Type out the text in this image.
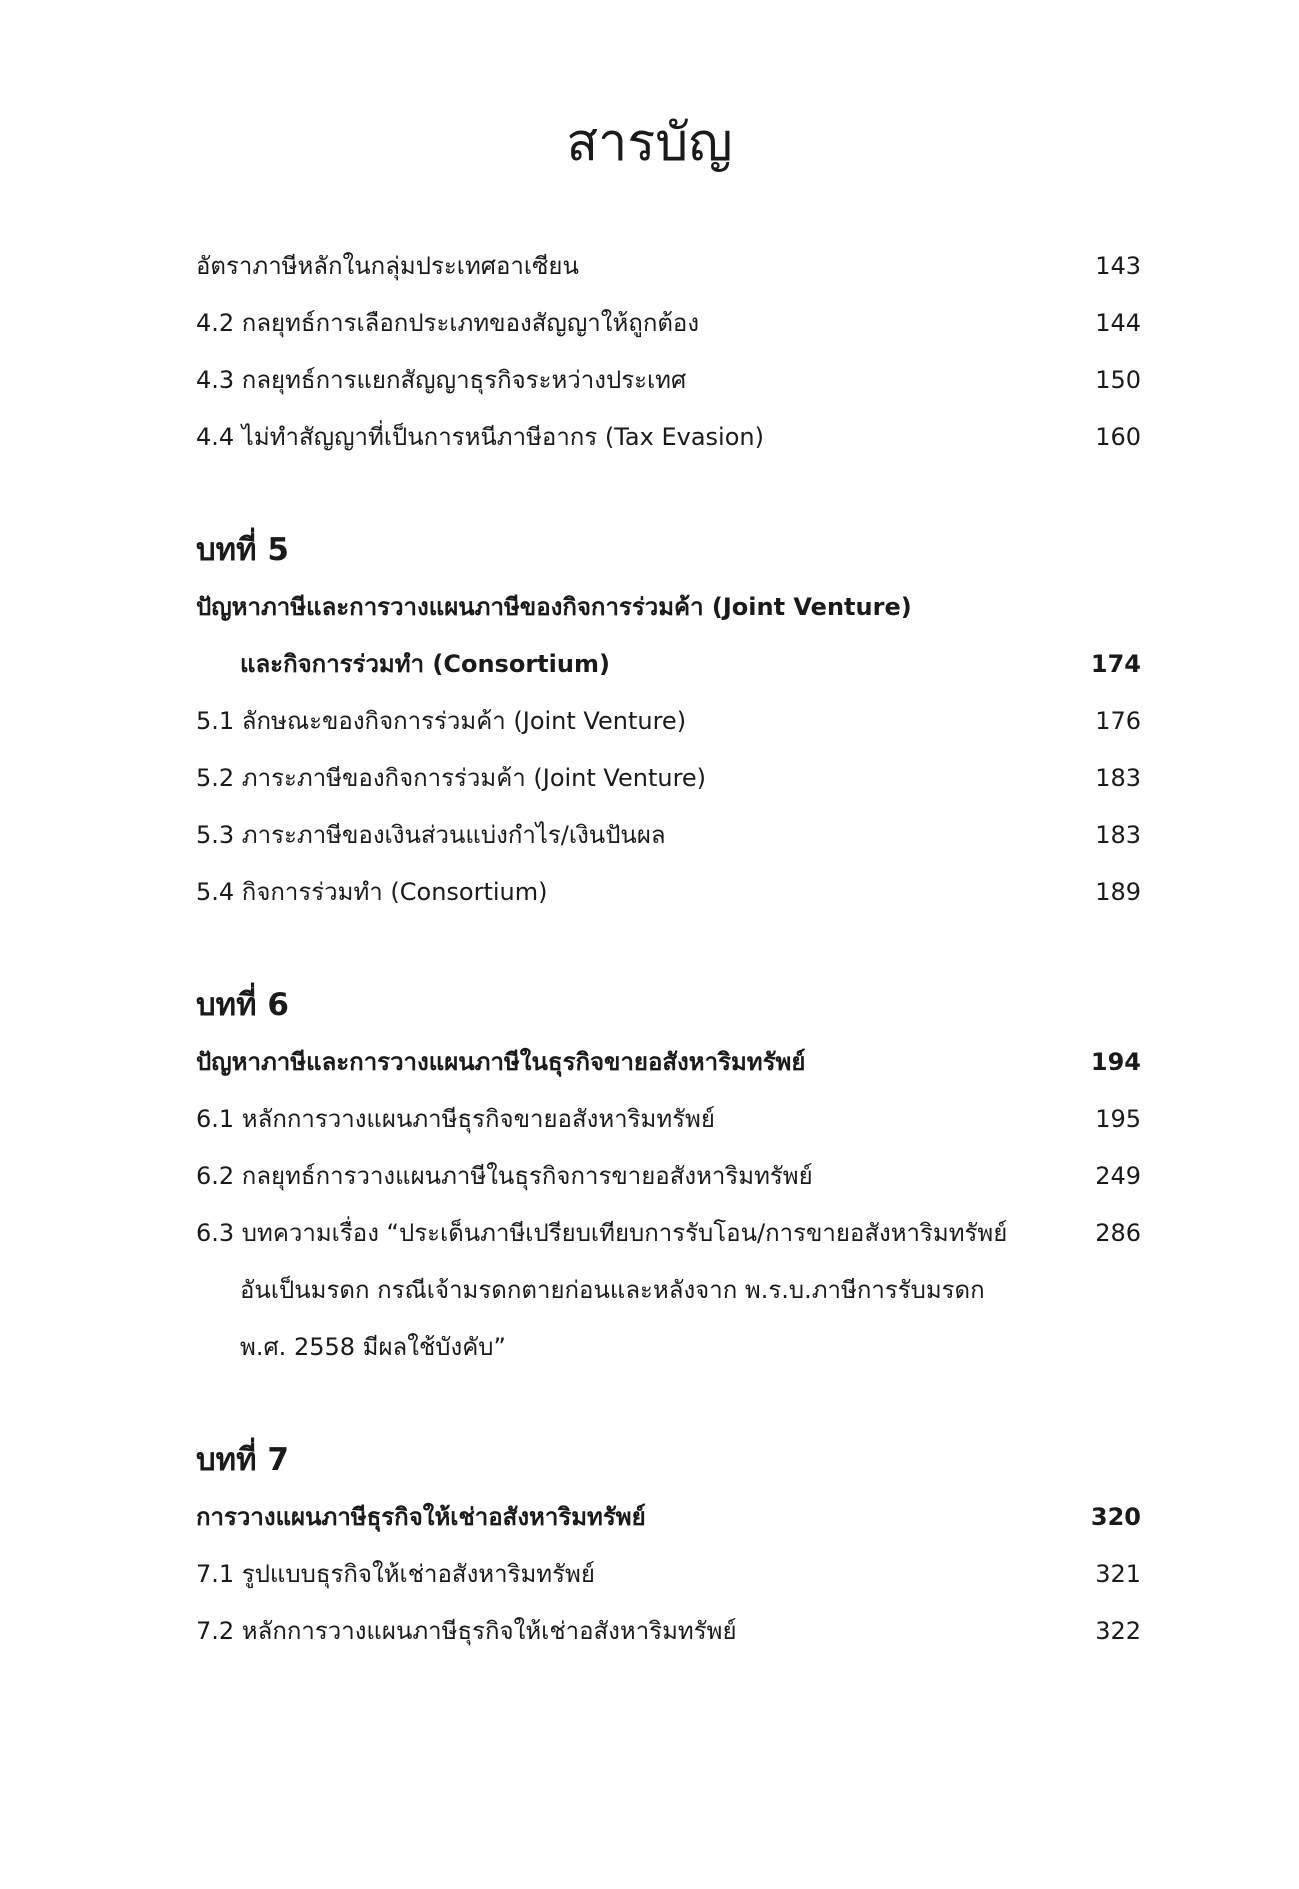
สารบัญ
อัตราภาษีหลักในกลุ่มประเทศอาเซียน	143
4.2 กลยุทธ์การเลือกประเภทของสัญญาให้ถูกต้อง	144
4.3 กลยุทธ์การแยกสัญญาธุรกิจระหว่างประเทศ	150
4.4 ไม่ทำสัญญาที่เป็นการหนีภาษีอากร (Tax Evasion)	160
บทที่ 5
ปัญหาภาษีและการวางแผนภาษีของกิจการร่วมค้า (Joint Venture)
และกิจการร่วมทำ (Consortium)	174
5.1 ลักษณะของกิจการร่วมค้า (Joint Venture)	176
5.2 ภาระภาษีของกิจการร่วมค้า (Joint Venture)	183
5.3 ภาระภาษีของเงินส่วนแบ่งกำไร/เงินปันผล	183
5.4 กิจการร่วมทำ (Consortium)	189
บทที่ 6
ปัญหาภาษีและการวางแผนภาษีในธุรกิจขายอสังหาริมทรัพย์	194
6.1 หลักการวางแผนภาษีธุรกิจขายอสังหาริมทรัพย์	195
6.2 กลยุทธ์การวางแผนภาษีในธุรกิจการขายอสังหาริมทรัพย์	249
6.3 บทความเรื่อง “ประเด็นภาษีเปรียบเทียบการรับโอน/การขายอสังหาริมทรัพย์	286
อันเป็นมรดก กรณีเจ้ามรดกตายก่อนและหลังจาก พ.ร.บ.ภาษีการรับมรดก
พ.ศ. 2558 มีผลใช้บังคับ”
บทที่ 7
การวางแผนภาษีธุรกิจให้เช่าอสังหาริมทรัพย์	320
7.1 รูปแบบธุรกิจให้เช่าอสังหาริมทรัพย์	321
7.2 หลักการวางแผนภาษีธุรกิจให้เช่าอสังหาริมทรัพย์	322
